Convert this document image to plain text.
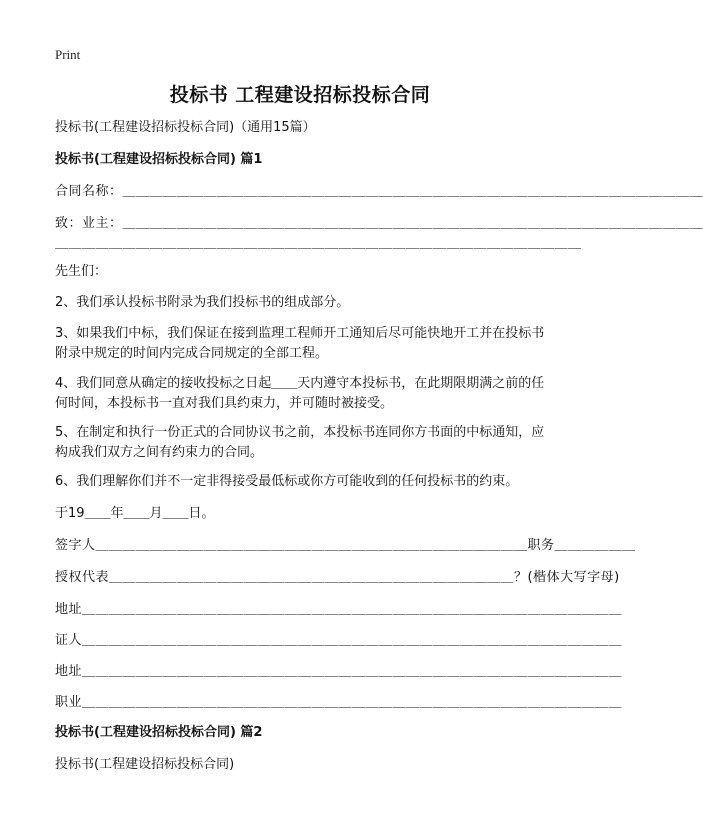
Print
投标书 工程建设招标投标合同
投标书(工程建设招标投标合同)（通用15篇）
投标书(工程建设招标投标合同) 篇1
合同名称：＿＿＿＿＿＿＿＿＿＿＿＿＿＿＿＿＿＿＿＿＿＿＿＿＿＿＿＿＿＿＿＿＿＿＿＿＿＿＿＿＿＿＿
致：业主：＿＿＿＿＿＿＿＿＿＿＿＿＿＿＿＿＿＿＿＿＿＿＿＿＿＿＿＿＿＿＿＿＿＿＿＿＿＿＿＿＿＿＿
＿＿＿＿＿＿＿＿＿＿＿＿＿＿＿＿＿＿＿＿＿＿＿＿＿＿＿＿＿＿＿＿＿＿＿＿＿＿＿
先生们：
2、我们承认投标书附录为我们投标书的组成部分。
3、如果我们中标，我们保证在接到监理工程师开工通知后尽可能快地开工并在投标书附录中规定的时间内完成合同规定的全部工程。
4、我们同意从确定的接收投标之日起＿＿天内遵守本投标书，在此期限期满之前的任何时间，本投标书一直对我们具约束力，并可随时被接受。
5、在制定和执行一份正式的合同协议书之前，本投标书连同你方书面的中标通知，应构成我们双方之间有约束力的合同。
6、我们理解你们并不一定非得接受最低标或你方可能收到的任何投标书的约束。
于19＿＿年＿＿月＿＿日。
签字人＿＿＿＿＿＿＿＿＿＿＿＿＿＿＿＿＿＿＿＿＿＿＿＿＿＿＿＿＿＿＿＿职务＿＿＿＿＿＿
授权代表＿＿＿＿＿＿＿＿＿＿＿＿＿＿＿＿＿＿＿＿＿＿＿＿＿＿＿＿＿＿？(楷体大写字母)
地址＿＿＿＿＿＿＿＿＿＿＿＿＿＿＿＿＿＿＿＿＿＿＿＿＿＿＿＿＿＿＿＿＿＿＿＿＿＿＿＿
证人＿＿＿＿＿＿＿＿＿＿＿＿＿＿＿＿＿＿＿＿＿＿＿＿＿＿＿＿＿＿＿＿＿＿＿＿＿＿＿＿
地址＿＿＿＿＿＿＿＿＿＿＿＿＿＿＿＿＿＿＿＿＿＿＿＿＿＿＿＿＿＿＿＿＿＿＿＿＿＿＿＿
职业＿＿＿＿＿＿＿＿＿＿＿＿＿＿＿＿＿＿＿＿＿＿＿＿＿＿＿＿＿＿＿＿＿＿＿＿＿＿＿＿
投标书(工程建设招标投标合同) 篇2
投标书(工程建设招标投标合同)
